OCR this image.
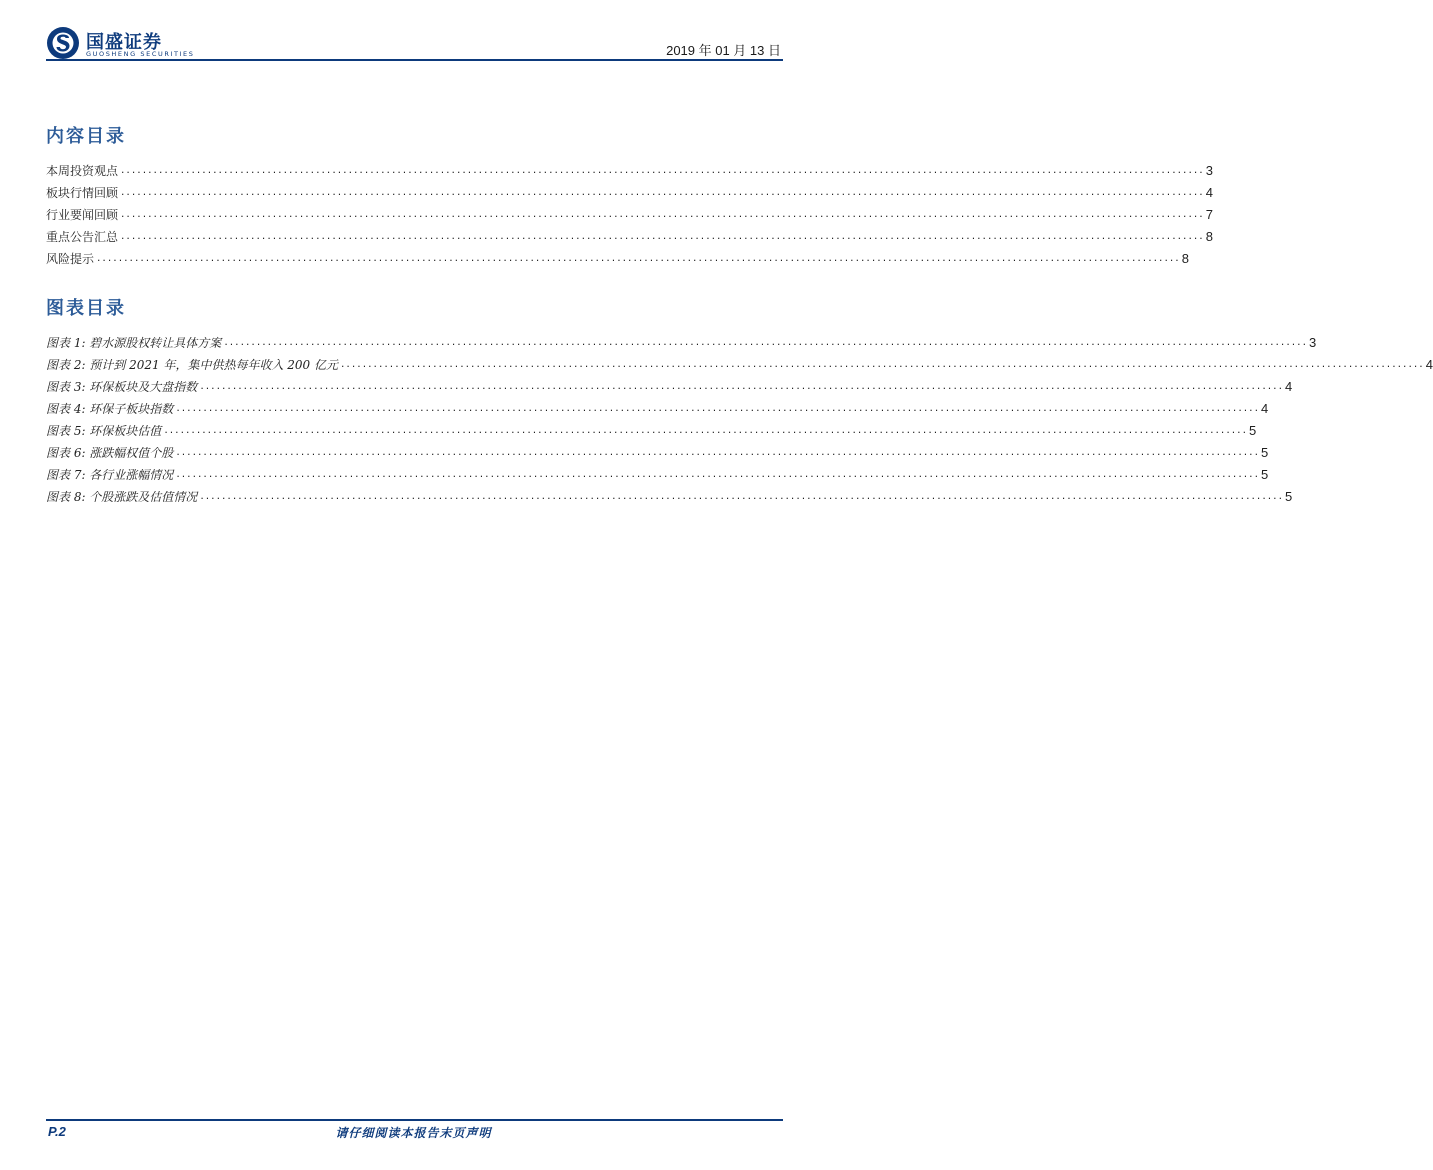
国盛证券
GUOSHENG SECURITIES	2019 年 01 月 13 日
内容目录
本周投资观点 ........................................................................................................................................................................................................ 3
板块行情回顾 ........................................................................................................................................................................................................ 4
行业要闻回顾 ........................................................................................................................................................................................................ 7
重点公告汇总 ........................................................................................................................................................................................................ 8
风险提示 ........................................................................................................................................................................................................ 8
图表目录
图表 1: 碧水源股权转让具体方案 ........................................................................................................................................................................................................ 3
图表 2: 预计到 2021 年，集中供热每年收入 200 亿元 ........................................................................................................................................................................................................ 4
图表 3: 环保板块及大盘指数 ........................................................................................................................................................................................................ 4
图表 4: 环保子板块指数 ........................................................................................................................................................................................................ 4
图表 5: 环保板块估值 ........................................................................................................................................................................................................ 5
图表 6: 涨跌幅权值个股 ........................................................................................................................................................................................................ 5
图表 7: 各行业涨幅情况 ........................................................................................................................................................................................................ 5
图表 8: 个股涨跌及估值情况 ........................................................................................................................................................................................................ 5
P.2	请仔细阅读本报告末页声明
